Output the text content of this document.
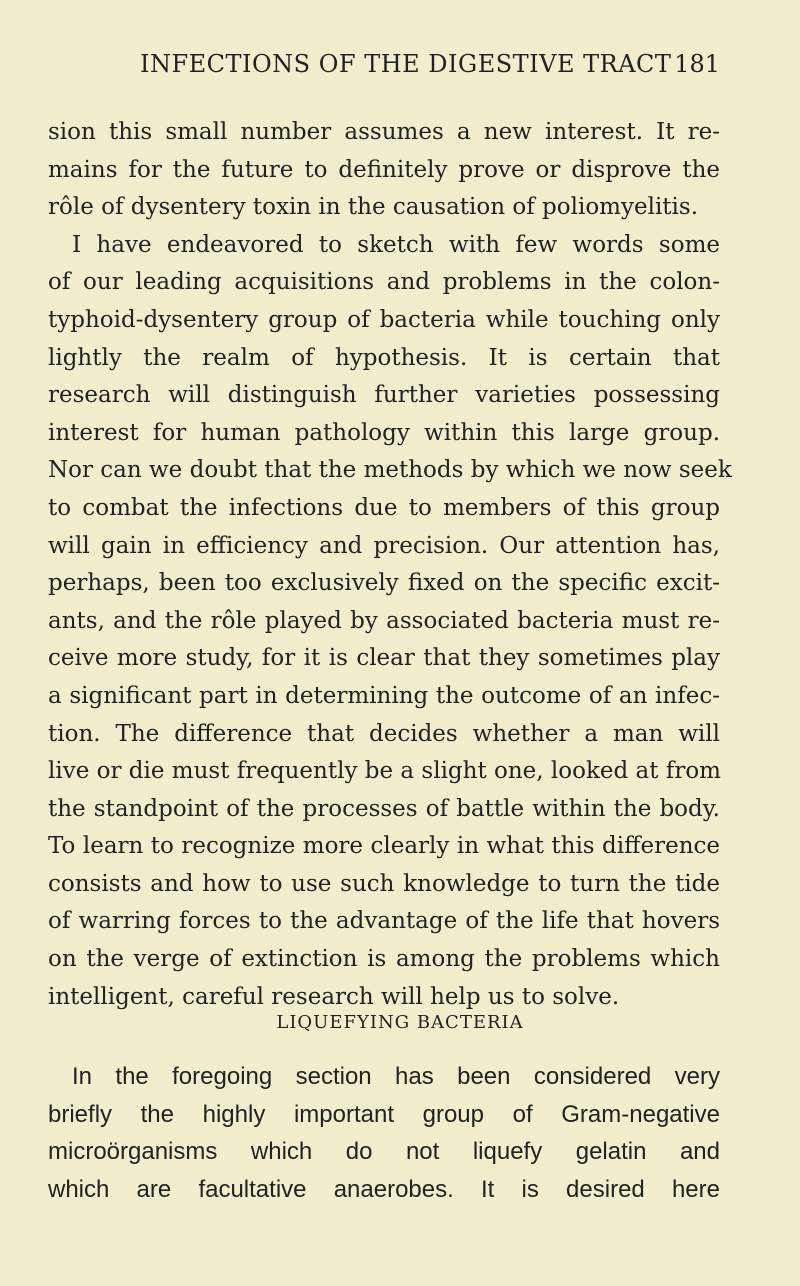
INFECTIONS OF THE DIGESTIVE TRACT 181
sion this small number assumes a new interest. It re-
mains for the future to definitely prove or disprove the
rôle of dysentery toxin in the causation of poliomyelitis.
I have endeavored to sketch with few words some
of our leading acquisitions and problems in the colon-
typhoid-dysentery group of bacteria while touching only
lightly the realm of hypothesis. It is certain that
research will distinguish further varieties possessing
interest for human pathology within this large group.
Nor can we doubt that the methods by which we now seek
to combat the infections due to members of this group
will gain in efficiency and precision. Our attention has,
perhaps, been too exclusively fixed on the specific excit-
ants, and the rôle played by associated bacteria must re-
ceive more study, for it is clear that they sometimes play
a significant part in determining the outcome of an infec-
tion. The difference that decides whether a man will
live or die must frequently be a slight one, looked at from
the standpoint of the processes of battle within the body.
To learn to recognize more clearly in what this difference
consists and how to use such knowledge to turn the tide
of warring forces to the advantage of the life that hovers
on the verge of extinction is among the problems which
intelligent, careful research will help us to solve.
LIQUEFYING BACTERIA
In the foregoing section has been considered very
briefly the highly important group of Gram-negative
microörganisms which do not liquefy gelatin and
which are facultative anaerobes. It is desired here
